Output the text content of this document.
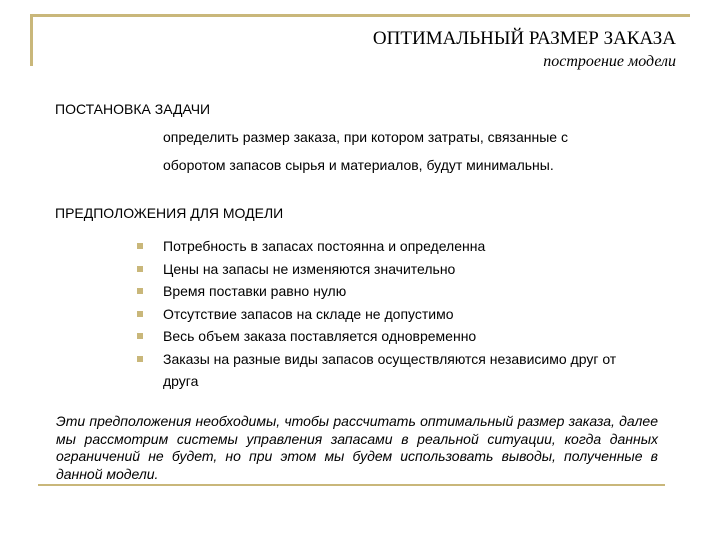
ОПТИМАЛЬНЫЙ РАЗМЕР ЗАКАЗА
построение модели
ПОСТАНОВКА ЗАДАЧИ
определить размер заказа, при котором затраты, связанные с
оборотом запасов сырья и материалов, будут минимальны.
ПРЕДПОЛОЖЕНИЯ ДЛЯ МОДЕЛИ
Потребность в запасах постоянна и определенна
Цены на запасы не изменяются значительно
Время поставки равно нулю
Отсутствие запасов на складе не допустимо
Весь объем заказа поставляется одновременно
Заказы на разные виды запасов осуществляются независимо друг от друга
Эти предположения необходимы, чтобы рассчитать оптимальный размер заказа, далее мы рассмотрим системы управления запасами в реальной ситуации, когда данных ограничений не будет, но при этом мы будем использовать выводы, полученные в данной модели.
